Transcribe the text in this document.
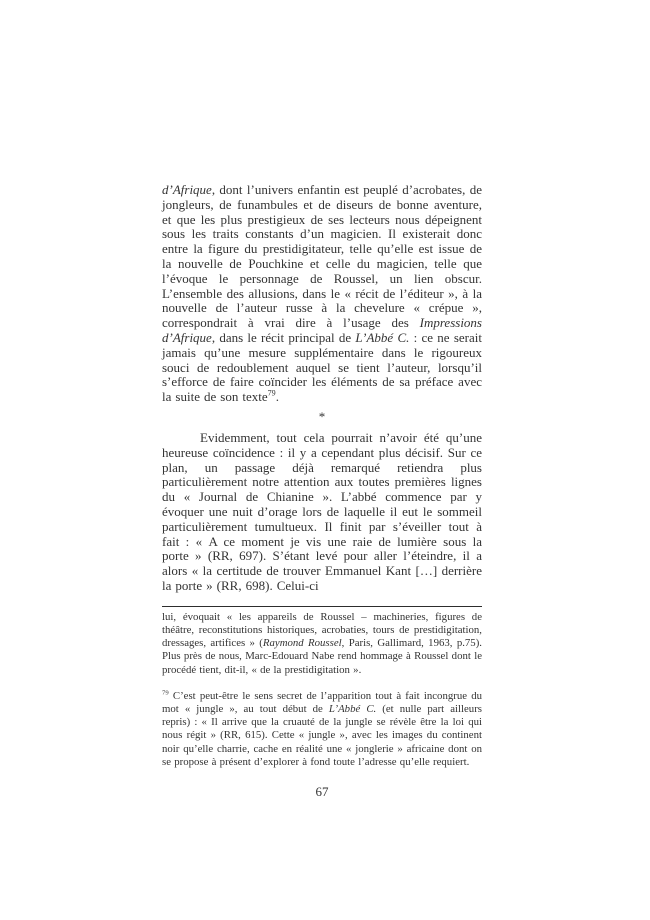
d’Afrique, dont l’univers enfantin est peuplé d’acrobates, de jongleurs, de funambules et de diseurs de bonne aventure, et que les plus prestigieux de ses lecteurs nous dépeignent sous les traits constants d’un magicien. Il existerait donc entre la figure du prestidigitateur, telle qu’elle est issue de la nouvelle de Pouchkine et celle du magicien, telle que l’évoque le personnage de Roussel, un lien obscur. L’ensemble des allusions, dans le « récit de l’éditeur », à la nouvelle de l’auteur russe à la chevelure « crépue », correspondrait à vrai dire à l’usage des Impressions d’Afrique, dans le récit principal de L’Abbé C. : ce ne serait jamais qu’une mesure supplémentaire dans le rigoureux souci de redoublement auquel se tient l’auteur, lorsqu’il s’efforce de faire coïncider les éléments de sa préface avec la suite de son texte$^{79}$.

*

Evidemment, tout cela pourrait n’avoir été qu’une heureuse coïncidence : il y a cependant plus décisif. Sur ce plan, un passage déjà remarqué retiendra plus particulièrement notre attention aux toutes premières lignes du « Journal de Chianine ». L’abbé commence par y évoquer une nuit d’orage lors de laquelle il eut le sommeil particulièrement tumultueux. Il finit par s’éveiller tout à fait : « A ce moment je vis une raie de lumière sous la porte » (RR, 697). S’étant levé pour aller l’éteindre, il a alors « la certitude de trouver Emmanuel Kant […] derrière la porte » (RR, 698). Celui-ci

lui, évoquait « les appareils de Roussel – machineries, figures de théâtre, reconstitutions historiques, acrobaties, tours de prestidigitation, dressages, artifices » (Raymond Roussel, Paris, Gallimard, 1963, p.75). Plus près de nous, Marc-Edouard Nabe rend hommage à Roussel dont le procédé tient, dit-il, « de la prestidigitation ».

$^{79}$ C’est peut-être le sens secret de l’apparition tout à fait incongrue du mot « jungle », au tout début de L’Abbé C. (et nulle part ailleurs repris) : « Il arrive que la cruauté de la jungle se révèle être la loi qui nous régit » (RR, 615). Cette « jungle », avec les images du continent noir qu’elle charrie, cache en réalité une « jonglerie » africaine dont on se propose à présent d’explorer à fond toute l’adresse qu’elle requiert.

67
